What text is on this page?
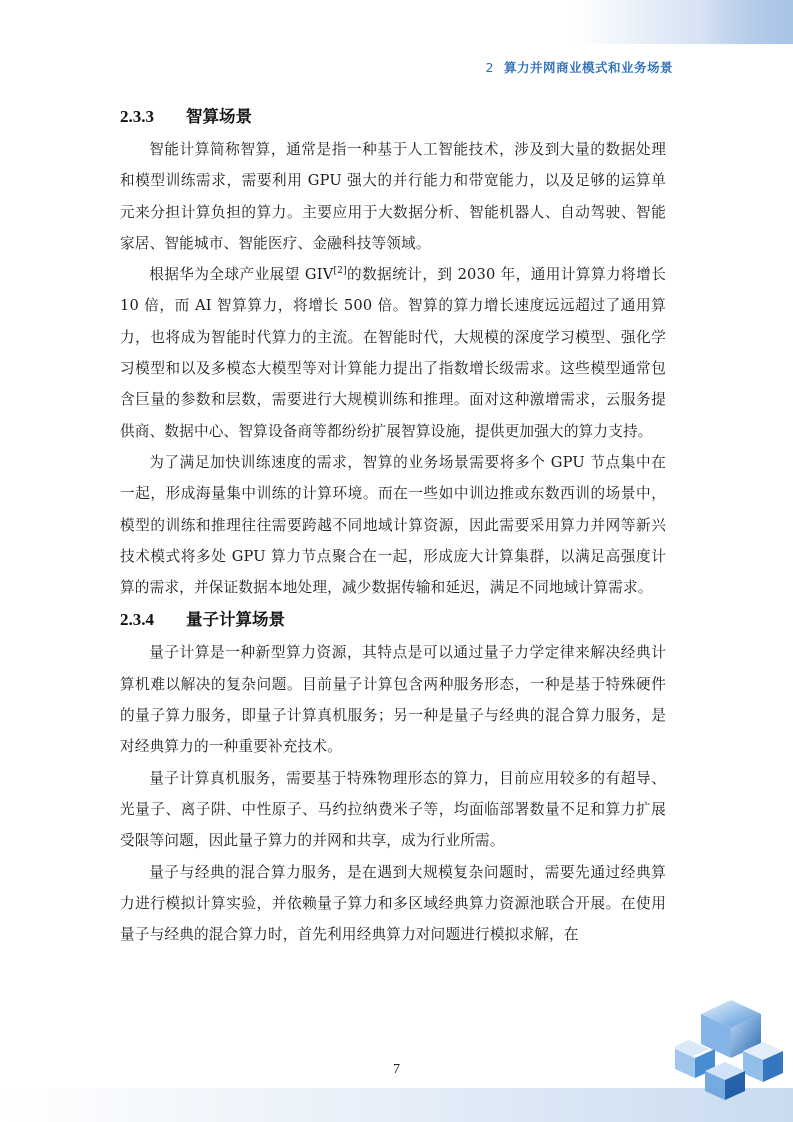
2 算力并网商业模式和业务场景
2.3.3 智算场景

智能计算简称智算，通常是指一种基于人工智能技术，涉及到大量的数据处理和模型训练需求，需要利用 GPU 强大的并行能力和带宽能力，以及足够的运算单元来分担计算负担的算力。主要应用于大数据分析、智能机器人、自动驾驶、智能家居、智能城市、智能医疗、金融科技等领域。

根据华为全球产业展望 GIV[2]的数据统计，到 2030 年，通用计算算力将增长 10 倍，而 AI 智算算力，将增长 500 倍。智算的算力增长速度远远超过了通用算力，也将成为智能时代算力的主流。在智能时代，大规模的深度学习模型、强化学习模型和以及多模态大模型等对计算能力提出了指数增长级需求。这些模型通常包含巨量的参数和层数，需要进行大规模训练和推理。面对这种激增需求，云服务提供商、数据中心、智算设备商等都纷纷扩展智算设施，提供更加强大的算力支持。

为了满足加快训练速度的需求，智算的业务场景需要将多个 GPU 节点集中在一起，形成海量集中训练的计算环境。而在一些如中训边推或东数西训的场景中，模型的训练和推理往往需要跨越不同地域计算资源，因此需要采用算力并网等新兴技术模式将多处 GPU 算力节点聚合在一起，形成庞大计算集群，以满足高强度计算的需求，并保证数据本地处理，减少数据传输和延迟，满足不同地域计算需求。

2.3.4 量子计算场景

量子计算是一种新型算力资源，其特点是可以通过量子力学定律来解决经典计算机难以解决的复杂问题。目前量子计算包含两种服务形态，一种是基于特殊硬件的量子算力服务，即量子计算真机服务；另一种是量子与经典的混合算力服务，是对经典算力的一种重要补充技术。

量子计算真机服务，需要基于特殊物理形态的算力，目前应用较多的有超导、光量子、离子阱、中性原子、马约拉纳费米子等，均面临部署数量不足和算力扩展受限等问题，因此量子算力的并网和共享，成为行业所需。

量子与经典的混合算力服务，是在遇到大规模复杂问题时，需要先通过经典算力进行模拟计算实验，并依赖量子算力和多区域经典算力资源池联合开展。在使用量子与经典的混合算力时，首先利用经典算力对问题进行模拟求解，在

7
